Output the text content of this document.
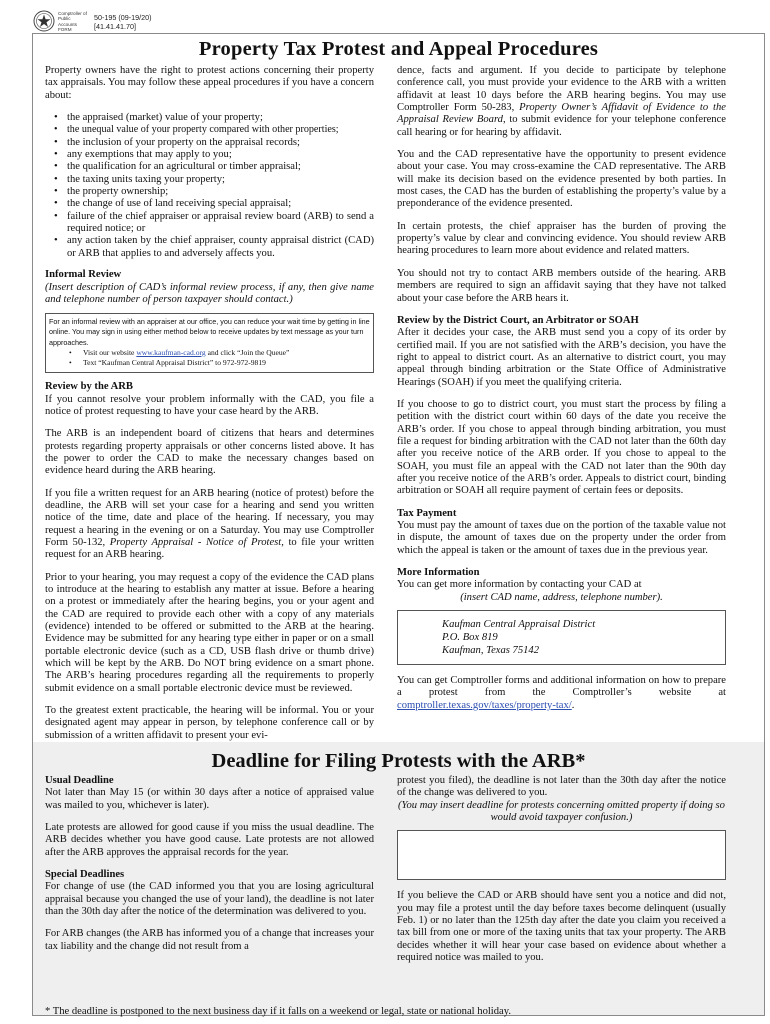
Comptroller of Public Accounts FORM
50-195 (09-19/20)
[41.41.41.70]
Property Tax Protest and Appeal Procedures

Property owners have the right to protest actions concerning their property tax appraisals. You may follow these appeal procedures if you have a concern about:

• the appraised (market) value of your property;
• the unequal value of your property compared with other properties;
• the inclusion of your property on the appraisal records;
• any exemptions that may apply to you;
• the qualification for an agricultural or timber appraisal;
• the taxing units taxing your property;
• the property ownership;
• the change of use of land receiving special appraisal;
• failure of the chief appraiser or appraisal review board (ARB) to send a required notice; or
• any action taken by the chief appraiser, county appraisal district (CAD) or ARB that applies to and adversely affects you.
Informal Review
(Insert description of CAD’s informal review process, if any, then give name and telephone number of person taxpayer should contact.)
For an informal review with an appraiser at our office, you can reduce your wait time by getting in line online. You may sign in using either method below to receive updates by text message as your turn approaches.
• Visit our website www.kaufman-cad.org and click “Join the Queue”
• Text “Kaufman Central Appraisal District” to 972-972-9819
Review by the ARB

If you cannot resolve your problem informally with the CAD, you file a notice of protest requesting to have your case heard by the ARB.

The ARB is an independent board of citizens that hears and determines protests regarding property appraisals or other concerns listed above. It has the power to order the CAD to make the necessary changes based on evidence heard during the ARB hearing.

If you file a written request for an ARB hearing (notice of protest) before the deadline, the ARB will set your case for a hearing and send you written notice of the time, date and place of the hearing. If necessary, you may request a hearing in the evening or on a Saturday. You may use Comptroller Form 50-132, Property Appraisal - Notice of Protest, to file your written request for an ARB hearing.

Prior to your hearing, you may request a copy of the evidence the CAD plans to introduce at the hearing to establish any matter at issue. Before a hearing on a protest or immediately after the hearing begins, you or your agent and the CAD are required to provide each other with a copy of any materials (evidence) intended to be offered or submitted to the ARB at the hearing. Evidence may be submitted for any hearing type either in paper or on a small portable electronic device (such as a CD, USB flash drive or thumb drive) which will be kept by the ARB. Do NOT bring evidence on a smart phone. The ARB’s hearing procedures regarding all the requirements to properly submit evidence on a small portable electronic device must be reviewed.

To the greatest extent practicable, the hearing will be informal. You or your designated agent may appear in person, by telephone conference call or by submission of a written affidavit to present your evi-

dence, facts and argument. If you decide to participate by telephone conference call, you must provide your evidence to the ARB with a written affidavit at least 10 days before the ARB hearing begins. You may use Comptroller Form 50-283, Property Owner’s Affidavit of Evidence to the Appraisal Review Board, to submit evidence for your telephone conference call hearing or for hearing by affidavit.

You and the CAD representative have the opportunity to present evidence about your case. You may cross-examine the CAD representative. The ARB will make its decision based on the evidence presented by both parties. In most cases, the CAD has the burden of establishing the property’s value by a preponderance of the evidence presented.

In certain protests, the chief appraiser has the burden of proving the property’s value by clear and convincing evidence. You should review ARB hearing procedures to learn more about evidence and related matters.

You should not try to contact ARB members outside of the hearing. ARB members are required to sign an affidavit saying that they have not talked about your case before the ARB hears it.

Review by the District Court, an Arbitrator or SOAH

After it decides your case, the ARB must send you a copy of its order by certified mail. If you are not satisfied with the ARB’s decision, you have the right to appeal to district court. As an alternative to district court, you may appeal through binding arbitration or the State Office of Administrative Hearings (SOAH) if you meet the qualifying criteria.

If you choose to go to district court, you must start the process by filing a petition with the district court within 60 days of the date you receive the ARB’s order. If you chose to appeal through binding arbitration, you must file a request for binding arbitration with the CAD not later than the 60th day after you receive notice of the ARB order. If you chose to appeal to the SOAH, you must file an appeal with the CAD not later than the 90th day after you receive notice of the ARB’s order. Appeals to district court, binding arbitration or SOAH all require payment of certain fees or deposits.

Tax Payment

You must pay the amount of taxes due on the portion of the taxable value not in dispute, the amount of taxes due on the property under the order from which the appeal is taken or the amount of taxes due in the previous year.

More Information
You can get more information by contacting your CAD at
(insert CAD name, address, telephone number).
Kaufman Central Appraisal District
P.O. Box 819
Kaufman, Texas 75142

You can get Comptroller forms and additional information on how to prepare a protest from the Comptroller’s website at comptroller.texas.gov/taxes/property-tax/.

Deadline for Filing Protests with the ARB*
Usual Deadline

Not later than May 15 (or within 30 days after a notice of appraised value was mailed to you, whichever is later).

Late protests are allowed for good cause if you miss the usual deadline. The ARB decides whether you have good cause. Late protests are not allowed after the ARB approves the appraisal records for the year.

Special Deadlines

For change of use (the CAD informed you that you are losing agricultural appraisal because you changed the use of your land), the deadline is not later than the 30th day after the notice of the determination was delivered to you.

For ARB changes (the ARB has informed you of a change that increases your tax liability and the change did not result from a

protest you filed), the deadline is not later than the 30th day after the notice of the change was delivered to you.
(You may insert deadline for protests concerning omitted property if doing so would avoid taxpayer confusion.)

If you believe the CAD or ARB should have sent you a notice and did not, you may file a protest until the day before taxes become delinquent (usually Feb. 1) or no later than the 125th day after the date you claim you received a tax bill from one or more of the taxing units that tax your property. The ARB decides whether it will hear your case based on evidence about whether a required notice was mailed to you.

* The deadline is postponed to the next business day if it falls on a weekend or legal, state or national holiday.
